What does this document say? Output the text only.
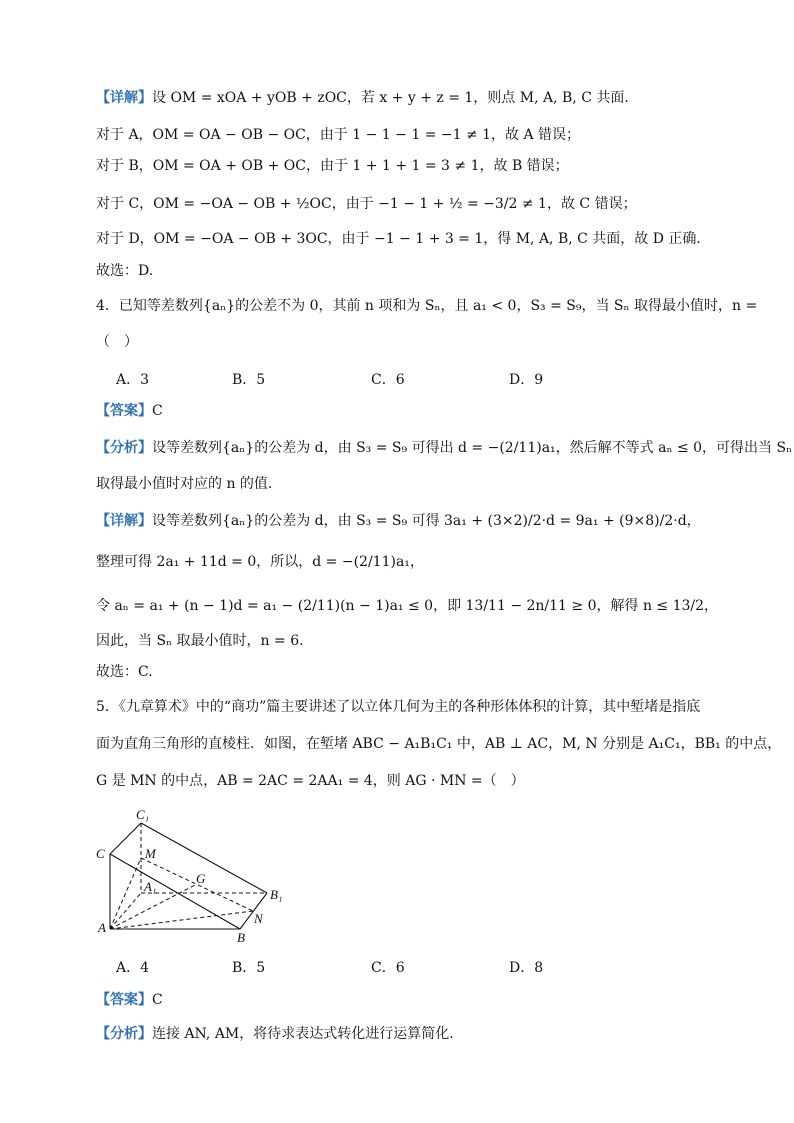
【详解】设 OM = xOA + yOB + zOC，若 x + y + z = 1，则点 M, A, B, C 共面.
对于 A，OM = OA − OB − OC，由于 1 − 1 − 1 = −1 ≠ 1，故 A 错误；
对于 B，OM = OA + OB + OC，由于 1 + 1 + 1 = 3 ≠ 1，故 B 错误；
对于 C，OM = −OA − OB + ½OC，由于 −1 − 1 + ½ = −3/2 ≠ 1，故 C 错误；
对于 D，OM = −OA − OB + 3OC，由于 −1 − 1 + 3 = 1，得 M, A, B, C 共面，故 D 正确.
故选：D.
4．已知等差数列{aₙ}的公差不为 0，其前 n 项和为 Sₙ，且 a₁ < 0，S₃ = S₉，当 Sₙ 取得最小值时，n =
（　）
A．3	B．5	C．6	D．9
【答案】C
【分析】设等差数列{aₙ}的公差为 d，由 S₃ = S₉ 可得出 d = −(2/11)a₁，然后解不等式 aₙ ≤ 0，可得出当 Sₙ
取得最小值时对应的 n 的值.
【详解】设等差数列{aₙ}的公差为 d，由 S₃ = S₉ 可得 3a₁ + (3×2)/2·d = 9a₁ + (9×8)/2·d，
整理可得 2a₁ + 11d = 0，所以，d = −(2/11)a₁，
令 aₙ = a₁ + (n − 1)d = a₁ − (2/11)(n − 1)a₁ ≤ 0，即 13/11 − 2n/11 ≥ 0，解得 n ≤ 13/2，
因此，当 Sₙ 取最小值时，n = 6.
故选：C.
5．《九章算术》中的“商功”篇主要讲述了以立体几何为主的各种形体体积的计算，其中堑堵是指底
面为直角三角形的直棱柱．如图，在堑堵 ABC − A₁B₁C₁ 中，AB ⊥ AC，M, N 分别是 A₁C₁，BB₁ 的中点，
G 是 MN 的中点，AB = 2AC = 2AA₁ = 4，则 AG · MN =（　）
C₁
C	M
A₁
G
B₁
N
A
B
A．4	B．5	C．6	D．8
【答案】C
【分析】连接 AN, AM，将待求表达式转化进行运算简化.
